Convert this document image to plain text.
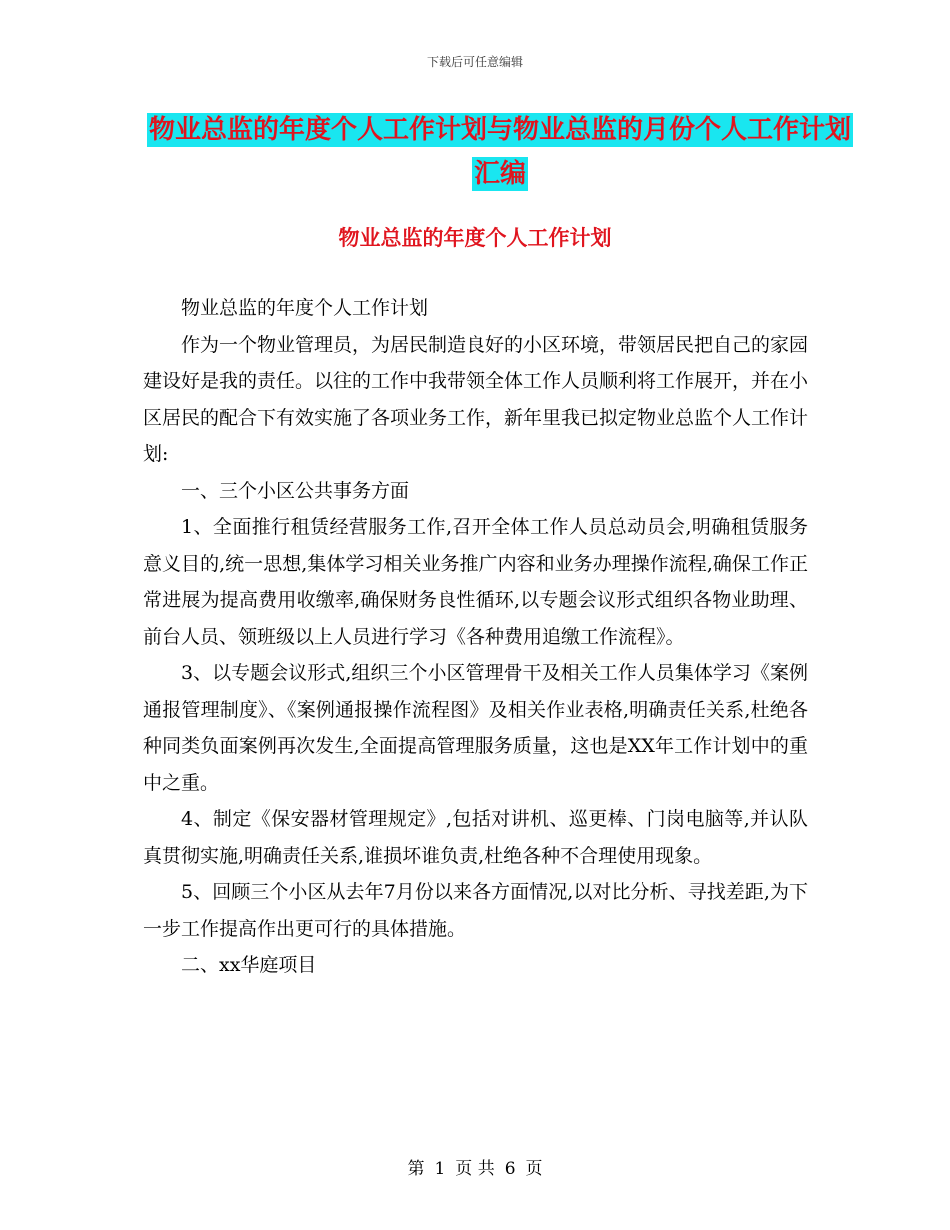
下载后可任意编辑
物业总监的年度个人工作计划与物业总监的月份个人工作计划汇编
物业总监的年度个人工作计划

物业总监的年度个人工作计划

作为一个物业管理员，为居民制造良好的小区环境，带领居民把自己的家园建设好是我的责任。以往的工作中我带领全体工作人员顺利将工作展开，并在小区居民的配合下有效实施了各项业务工作，新年里我已拟定物业总监个人工作计划:

一、三个小区公共事务方面

1、全面推行租赁经营服务工作,召开全体工作人员总动员会,明确租赁服务意义目的,统一思想,集体学习相关业务推广内容和业务办理操作流程,确保工作正常进展为提高费用收缴率,确保财务良性循环,以专题会议形式组织各物业助理、前台人员、领班级以上人员进行学习《各种费用追缴工作流程》。

3、以专题会议形式,组织三个小区管理骨干及相关工作人员集体学习《案例通报管理制度》、《案例通报操作流程图》及相关作业表格,明确责任关系,杜绝各种同类负面案例再次发生,全面提高管理服务质量，这也是XX年工作计划中的重中之重。

4、制定《保安器材管理规定》,包括对讲机、巡更棒、门岗电脑等,并认队真贯彻实施,明确责任关系,谁损坏谁负责,杜绝各种不合理使用现象。

5、回顾三个小区从去年7月份以来各方面情况,以对比分析、寻找差距,为下一步工作提高作出更可行的具体措施。

二、xx华庭项目

第 1 页 共 6 页
